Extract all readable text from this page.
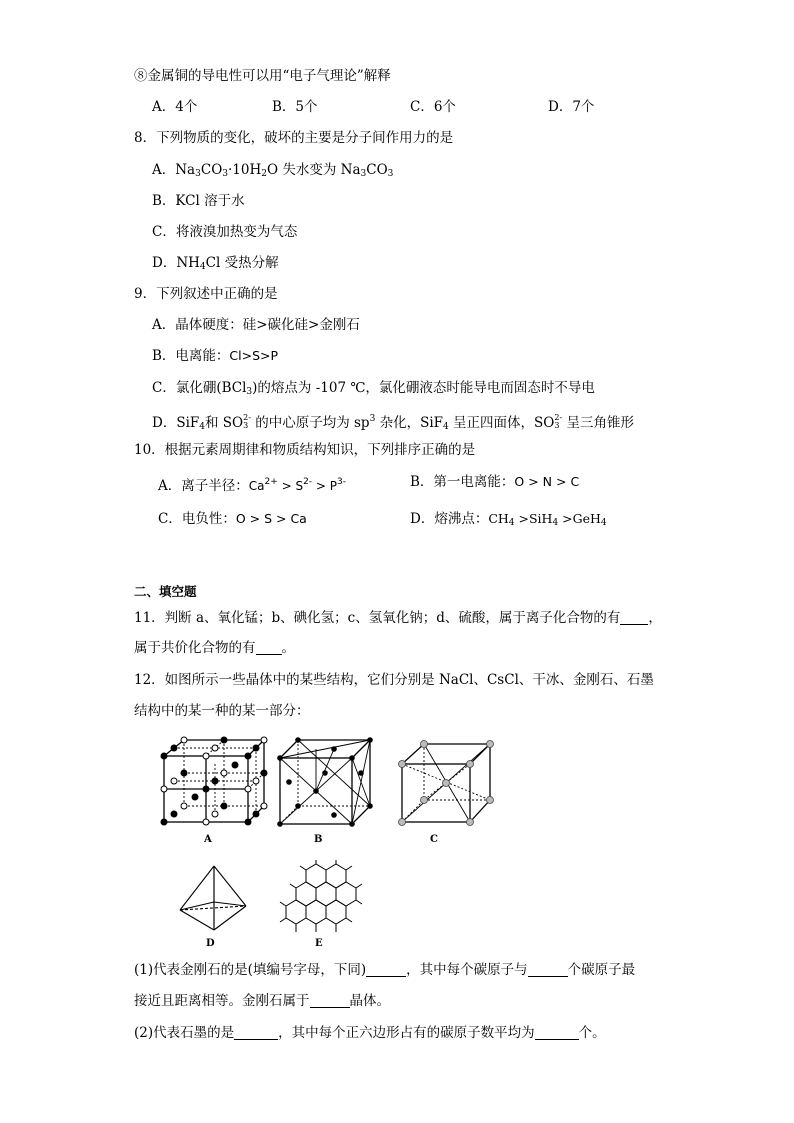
⑧金属铜的导电性可以用“电子气理论”解释
A．4个	B．5个	C．6个	D．7个
8．下列物质的变化，破坏的主要是分子间作用力的是
A．$Na_3CO_3\cdot 10H_2O$ 失水变为 $Na_3CO_3$
B．KCl 溶于水
C．将液溴加热变为气态
D．$NH_4Cl$ 受热分解
9．下列叙述中正确的是
A．晶体硬度：硅>碳化硅>金刚石
B．电离能：Cl>S>P
C．氯化硼(BCl$_3$)的熔点为 -107 ℃，氯化硼液态时能导电而固态时不导电
D．SiF$_4$和 SO2-
3 的中心原子均为 $sp^3$ 杂化，SiF$_4$ 呈正四面体，SO2-
3 呈三角锥形
10．根据元素周期律和物质结构知识，下列排序正确的是
A．离子半径：$Ca^{2+} > S^{2-} > P^{3-}$	B．第一电离能：O > N > C
C．电负性：O > S > Ca	D．熔沸点：$CH_4 >SiH_4 >GeH_4$
二、填空题
11．判断 a、氧化锰；b、碘化氢；c、氢氧化钠；d、硫酸，属于离子化合物的有 ，
属于共价化合物的有 。
12．如图所示一些晶体中的某些结构，它们分别是 NaCl、CsCl、干冰、金刚石、石墨
结构中的某一种的某一部分：
A	B	C
D	E
(1)代表金刚石的是(填编号字母，下同)	，其中每个碳原子与	个碳原子最
接近且距离相等。金刚石属于	晶体。
(2)代表石墨的是	，其中每个正六边形占有的碳原子数平均为	个。
